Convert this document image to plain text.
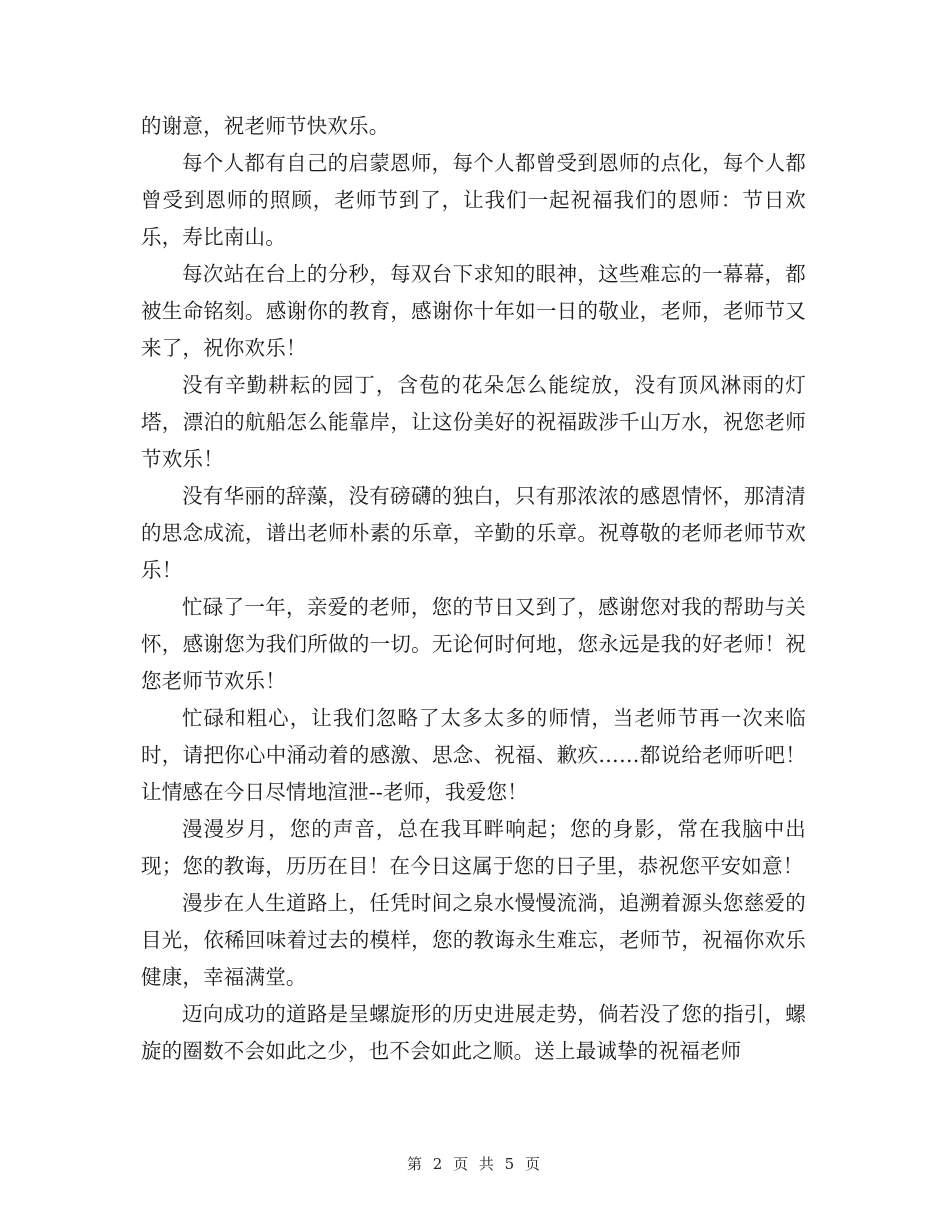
的谢意，祝老师节快欢乐。

每个人都有自己的启蒙恩师，每个人都曾受到恩师的点化，每个人都曾受到恩师的照顾，老师节到了，让我们一起祝福我们的恩师：节日欢乐，寿比南山。

每次站在台上的分秒，每双台下求知的眼神，这些难忘的一幕幕，都被生命铭刻。感谢你的教育，感谢你十年如一日的敬业，老师，老师节又来了，祝你欢乐！

没有辛勤耕耘的园丁，含苞的花朵怎么能绽放，没有顶风淋雨的灯塔，漂泊的航船怎么能靠岸，让这份美好的祝福跋涉千山万水，祝您老师节欢乐！

没有华丽的辞藻，没有磅礴的独白，只有那浓浓的感恩情怀，那清清的思念成流，谱出老师朴素的乐章，辛勤的乐章。祝尊敬的老师老师节欢乐！

忙碌了一年，亲爱的老师，您的节日又到了，感谢您对我的帮助与关怀，感谢您为我们所做的一切。无论何时何地，您永远是我的好老师！祝您老师节欢乐！

忙碌和粗心，让我们忽略了太多太多的师情，当老师节再一次来临时，请把你心中涌动着的感激、思念、祝福、歉疚……都说给老师听吧！让情感在今日尽情地渲泄--老师，我爱您！

漫漫岁月，您的声音，总在我耳畔响起；您的身影，常在我脑中出现；您的教诲，历历在目！在今日这属于您的日子里，恭祝您平安如意！

漫步在人生道路上，任凭时间之泉水慢慢流淌，追溯着源头您慈爱的目光，依稀回味着过去的模样，您的教诲永生难忘，老师节，祝福你欢乐健康，幸福满堂。

迈向成功的道路是呈螺旋形的历史进展走势，倘若没了您的指引，螺旋的圈数不会如此之少，也不会如此之顺。送上最诚挚的祝福老师

第 2 页 共 5 页
